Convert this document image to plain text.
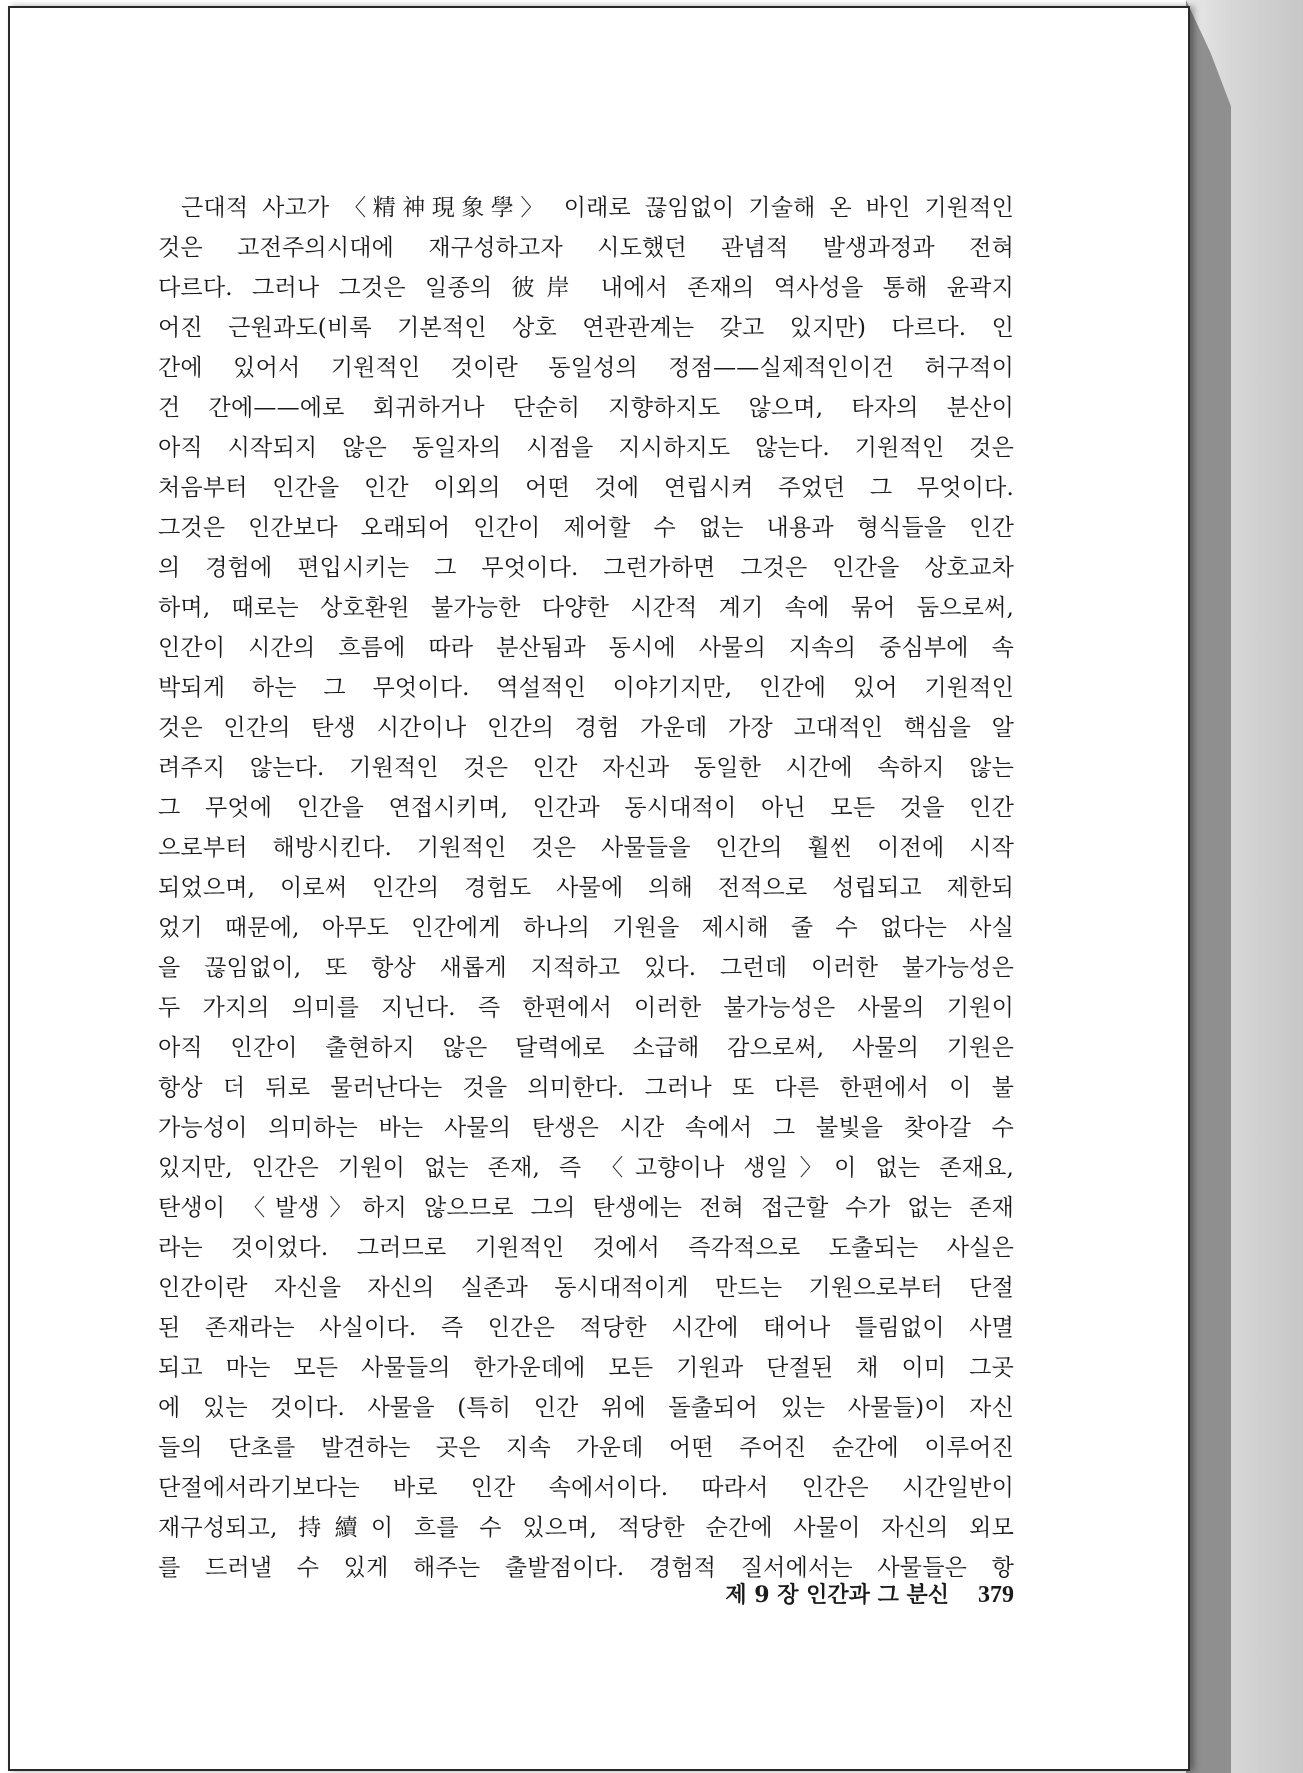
근대적 사고가 〈精神現象學〉 이래로 끊임없이 기술해 온 바인 기원적인
것은 고전주의시대에 재구성하고자 시도했던 관념적 발생과정과 전혀
다르다. 그러나 그것은 일종의 彼岸 내에서 존재의 역사성을 통해 윤곽지
어진 근원과도(비록 기본적인 상호 연관관계는 갖고 있지만) 다르다. 인
간에 있어서 기원적인 것이란 동일성의 정점——실제적인이건 허구적이
건 간에——에로 회귀하거나 단순히 지향하지도 않으며, 타자의 분산이
아직 시작되지 않은 동일자의 시점을 지시하지도 않는다. 기원적인 것은
처음부터 인간을 인간 이외의 어떤 것에 연립시켜 주었던 그 무엇이다.
그것은 인간보다 오래되어 인간이 제어할 수 없는 내용과 형식들을 인간
의 경험에 편입시키는 그 무엇이다. 그런가하면 그것은 인간을 상호교차
하며, 때로는 상호환원 불가능한 다양한 시간적 계기 속에 묶어 둠으로써,
인간이 시간의 흐름에 따라 분산됨과 동시에 사물의 지속의 중심부에 속
박되게 하는 그 무엇이다. 역설적인 이야기지만, 인간에 있어 기원적인
것은 인간의 탄생 시간이나 인간의 경험 가운데 가장 고대적인 핵심을 알
려주지 않는다. 기원적인 것은 인간 자신과 동일한 시간에 속하지 않는
그 무엇에 인간을 연접시키며, 인간과 동시대적이 아닌 모든 것을 인간
으로부터 해방시킨다. 기원적인 것은 사물들을 인간의 훨씬 이전에 시작
되었으며, 이로써 인간의 경험도 사물에 의해 전적으로 성립되고 제한되
었기 때문에, 아무도 인간에게 하나의 기원을 제시해 줄 수 없다는 사실
을 끊임없이, 또 항상 새롭게 지적하고 있다. 그런데 이러한 불가능성은
두 가지의 의미를 지닌다. 즉 한편에서 이러한 불가능성은 사물의 기원이
아직 인간이 출현하지 않은 달력에로 소급해 감으로써, 사물의 기원은
항상 더 뒤로 물러난다는 것을 의미한다. 그러나 또 다른 한편에서 이 불
가능성이 의미하는 바는 사물의 탄생은 시간 속에서 그 불빛을 찾아갈 수
있지만, 인간은 기원이 없는 존재, 즉 〈고향이나 생일〉이 없는 존재요,
탄생이 〈발생〉하지 않으므로 그의 탄생에는 전혀 접근할 수가 없는 존재
라는 것이었다. 그러므로 기원적인 것에서 즉각적으로 도출되는 사실은
인간이란 자신을 자신의 실존과 동시대적이게 만드는 기원으로부터 단절
된 존재라는 사실이다. 즉 인간은 적당한 시간에 태어나 틀림없이 사멸
되고 마는 모든 사물들의 한가운데에 모든 기원과 단절된 채 이미 그곳
에 있는 것이다. 사물을 (특히 인간 위에 돌출되어 있는 사물들)이 자신
들의 단초를 발견하는 곳은 지속 가운데 어떤 주어진 순간에 이루어진
단절에서라기보다는 바로 인간 속에서이다. 따라서 인간은 시간일반이
재구성되고, 持續이 흐를 수 있으며, 적당한 순간에 사물이 자신의 외모
를 드러낼 수 있게 해주는 출발점이다. 경험적 질서에서는 사물들은 항
제 9 장 인간과 그 분신 379
